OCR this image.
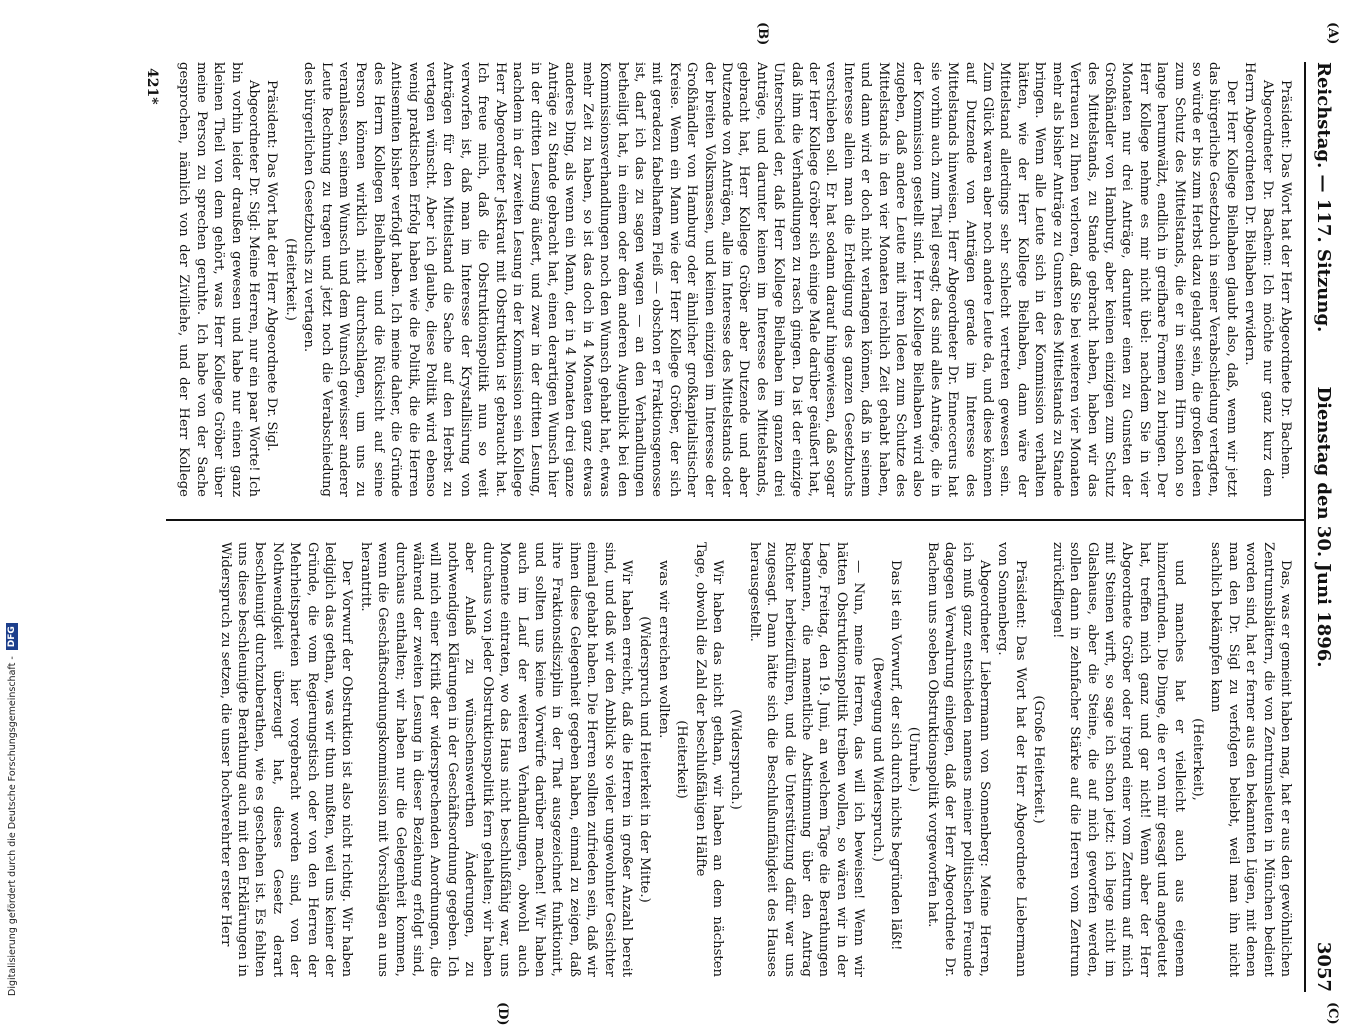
Reichstag. — 117. Sitzung.
Dienstag den 30. Juni 1896.
3057
(A)
(B)
(C)
(D)

Präsident: Das Wort hat der Herr Abgeordnete Dr. Bachem.

Abgeordneter Dr. Bachem: Ich möchte nur ganz kurz dem Herrn Abgeordneten Dr. Bielhaben erwidern.

Der Herr Kollege Bielhaben glaubt also, daß, wenn wir jetzt das bürgerliche Gesetzbuch in seiner Verabschiedung vertagten, so würde er bis zum Herbst dazu gelangt sein, die großen Ideen zum Schutz des Mittelstands, die er in seinem Hirn schon so lange herumwälzt, endlich in greifbare Formen zu bringen. Der Herr Kollege nehme es mir nicht übel: nachdem Sie in vier Monaten nur drei Anträge, darunter einen zu Gunsten der Großhändler von Hamburg, aber keinen einzigen zum Schutz des Mittelstands, zu Stande gebracht haben, haben wir das Vertrauen zu Ihnen verloren, daß Sie bei weiteren vier Monaten mehr als bisher Anträge zu Gunsten des Mittelstands zu Stande bringen. Wenn alle Leute sich in der Kommission verhalten hätten, wie der Herr Kollege Bielhaben, dann wäre der Mittelstand allerdings sehr schlecht vertreten gewesen sein. Zum Glück waren aber noch andere Leute da, und diese können auf Dutzende von Anträgen gerade im Interesse des Mittelstands hinweisen. Herr Abgeordneter Dr. Enneccerus hat sie vorhin auch zum Theil gesagt; das sind alles Anträge, die in der Kommission gestellt sind. Herr Kollege Bielhaben wird also zugeben, daß andere Leute mit ihren Ideen zum Schutze des Mittelstands in den vier Monaten reichlich Zeit gehabt haben, und dann wird er doch nicht verlangen können, daß in seinem Interesse allein man die Erledigung des ganzen Gesetzbuchs verschieben soll. Er hat sodann darauf hingewiesen, daß sogar der Herr Kollege Gröber sich einige Male darüber geäußert hat, daß ihm die Verhandlungen zu rasch gingen. Da ist der einzige Unterschied der, daß Herr Kollege Bielhaben im ganzen drei Anträge, und darunter keinen im Interesse des Mittelstands, gebracht hat, Herr Kollege Gröber aber Dutzende und aber Dutzende von Anträgen, alle im Interesse des Mittelstands oder der breiten Volksmassen, und keinen einzigen im Interesse der Großhändler von Hamburg oder ähnlicher großkapitalistischer Kreise. Wenn ein Mann wie der Herr Kollege Gröber, der sich mit geradezu fabelhaftem Fleiß — obschon er Fraktionsgenosse ist, darf ich das zu sagen wagen — an den Verhandlungen betheiligt hat, in einem oder dem anderen Augenblick bei den Kommissionsverhandlungen noch den Wunsch gehabt hat, etwas mehr Zeit zu haben, so ist das doch in 4 Monaten ganz etwas anderes Ding, als wenn ein Mann, der in 4 Monaten drei ganze Anträge zu Stande gebracht hat, einen derartigen Wunsch hier in der dritten Lesung äußert, und zwar in der dritten Lesung, nachdem in der zweiten Lesung in der Kommission sein Kollege Herr Abgeordneter Jeskraut mit Obstruktion ist gebraucht hat. Ich freue mich, daß die Obstruktionspolitik nun so weit verworfen ist, daß man im Interesse der Krystallisirung von Anträgen für den Mittelstand die Sache auf den Herbst zu vertagen wünscht. Aber ich glaube, diese Politik wird ebenso wenig praktischen Erfolg haben wie die Politik, die die Herren Antisemiten bisher verfolgt haben. Ich meine daher, die Gründe des Herrn Kollegen Bielhaben und die Rücksicht auf seine Person können wirklich nicht durchschlagen, um uns zu veranlassen, seinem Wunsch und dem Wunsch gewisser anderer Leute Rechnung zu tragen und jetzt noch die Verabschiedung des bürgerlichen Gesetzbuchs zu vertagen.

(Heiterkeit.)

Präsident: Das Wort hat der Herr Abgeordnete Dr. Sigl.

Abgeordneter Dr. Sigl: Meine Herren, nur ein paar Worte! Ich bin vorhin leider draußen gewesen und habe nur einen ganz kleinen Theil von dem gehört, was Herr Kollege Gröber über meine Person zu sprechen geruhte. Ich habe von der Sache gesprochen, nämlich von der Ziviliehe, und der Herr Kollege

Das, was er gemeint haben mag, hat er aus den gewöhnlichen Zentrumsblättern, die von Zentrumsleuten in München bedient worden sind, hat er ferner aus den bekannten Lügen, mit denen man den Dr. Sigl zu verfolgen beliebt, weil man ihn nicht sachlich bekämpfen kann

(Heiterkeit),

und manches hat er vielleicht auch aus eigenem hinzuerfunden. Die Dinge, die er von mir gesagt und angedeutet hat, treffen mich ganz und gar nicht! Wenn aber der Herr Abgeordnete Gröber oder irgend einer vom Zentrum auf mich mit Steinen wirft, so sage ich schon jetzt: ich liege nicht im Glashause, aber die Steine, die auf mich geworfen werden, sollen dann in zehnfacher Stärke auf die Herren vom Zentrum zurückfliegen!

(Große Heiterkeit.)

Präsident: Das Wort hat der Herr Abgeordnete Liebermann von Sonnenberg.

Abgeordneter Liebermann von Sonnenberg: Meine Herren, ich muß ganz entschieden namens meiner politischen Freunde dagegen Verwahrung einlegen, daß der Herr Abgeordnete Dr. Bachem uns soeben Obstruktionspolitik vorgeworfen hat.

(Unruhe.)

Das ist ein Vorwurf, der sich durch nichts begründen läßt!

(Bewegung und Widerspruch.)

— Nun, meine Herren, das will ich beweisen! Wenn wir hätten Obstruktionspolitik treiben wollen, so wären wir in der Lage, Freitag, den 19. Juni, an welchem Tage die Berathungen begannen, die namentliche Abstimmung über den Antrag Richter herbeizuführen, und die Unterstützung dafür war uns zugesagt. Dann hätte sich die Beschlußunfähigkeit des Hauses herausgestellt.

(Widerspruch.)

Wir haben das nicht gethan, wir haben an dem nächsten Tage, obwohl die Zahl der beschlußfähigen Hälfte

(Heiterkeit)

was wir erreichen wollten.

(Widerspruch und Heiterkeit in der Mitte.)

Wir haben erreicht, daß die Herren in großer Anzahl bereit sind, und daß wir den Anblick so vieler ungewohnter Gesichter einmal gehabt haben. Die Herren sollten zufrieden sein, daß wir ihnen diese Gelegenheit gegeben haben, einmal zu zeigen, daß ihre Fraktionsdisziplin in der That ausgezeichnet funktionirt, und sollten uns keine Vorwürfe darüber machen! Wir haben auch im Lauf der weiteren Verhandlungen, obwohl auch Momente eintraten, wo das Haus nicht beschlußfähig war, uns durchaus von jeder Obstruktionspolitik fern gehalten; wir haben aber Anlaß zu wünschenswerthen Änderungen, zu nothwendigen Klärungen in der Geschäftsordnung gegeben. Ich will mich einer Kritik der widersprechenden Anordnungen, die während der zweiten Lesung in dieser Beziehung erfolgt sind, durchaus enthalten; wir haben nur die Gelegenheit kommen, wenn die Geschäftsordnungskommission mit Vorschlägen an uns herantritt.

Der Vorwurf der Obstruktion ist also nicht richtig. Wir haben lediglich das gethan, was wir thun mußten, weil uns keiner der Gründe, die vom Regierungstisch oder von den Herren der Mehrheitsparteien hier vorgebracht worden sind, von der Nothwendigkeit überzeugt hat, dieses Gesetz derart beschleunigt durchzuberathen, wie es geschehen ist. Es fehlten uns diese beschleunigte Berathung auch mit den Erklärungen in Widerspruch zu setzen, die unser hochverehrter erster Herr

421*
Digitalisierung gefördert durch die Deutsche Forschungsgemeinschaft -
DFG
